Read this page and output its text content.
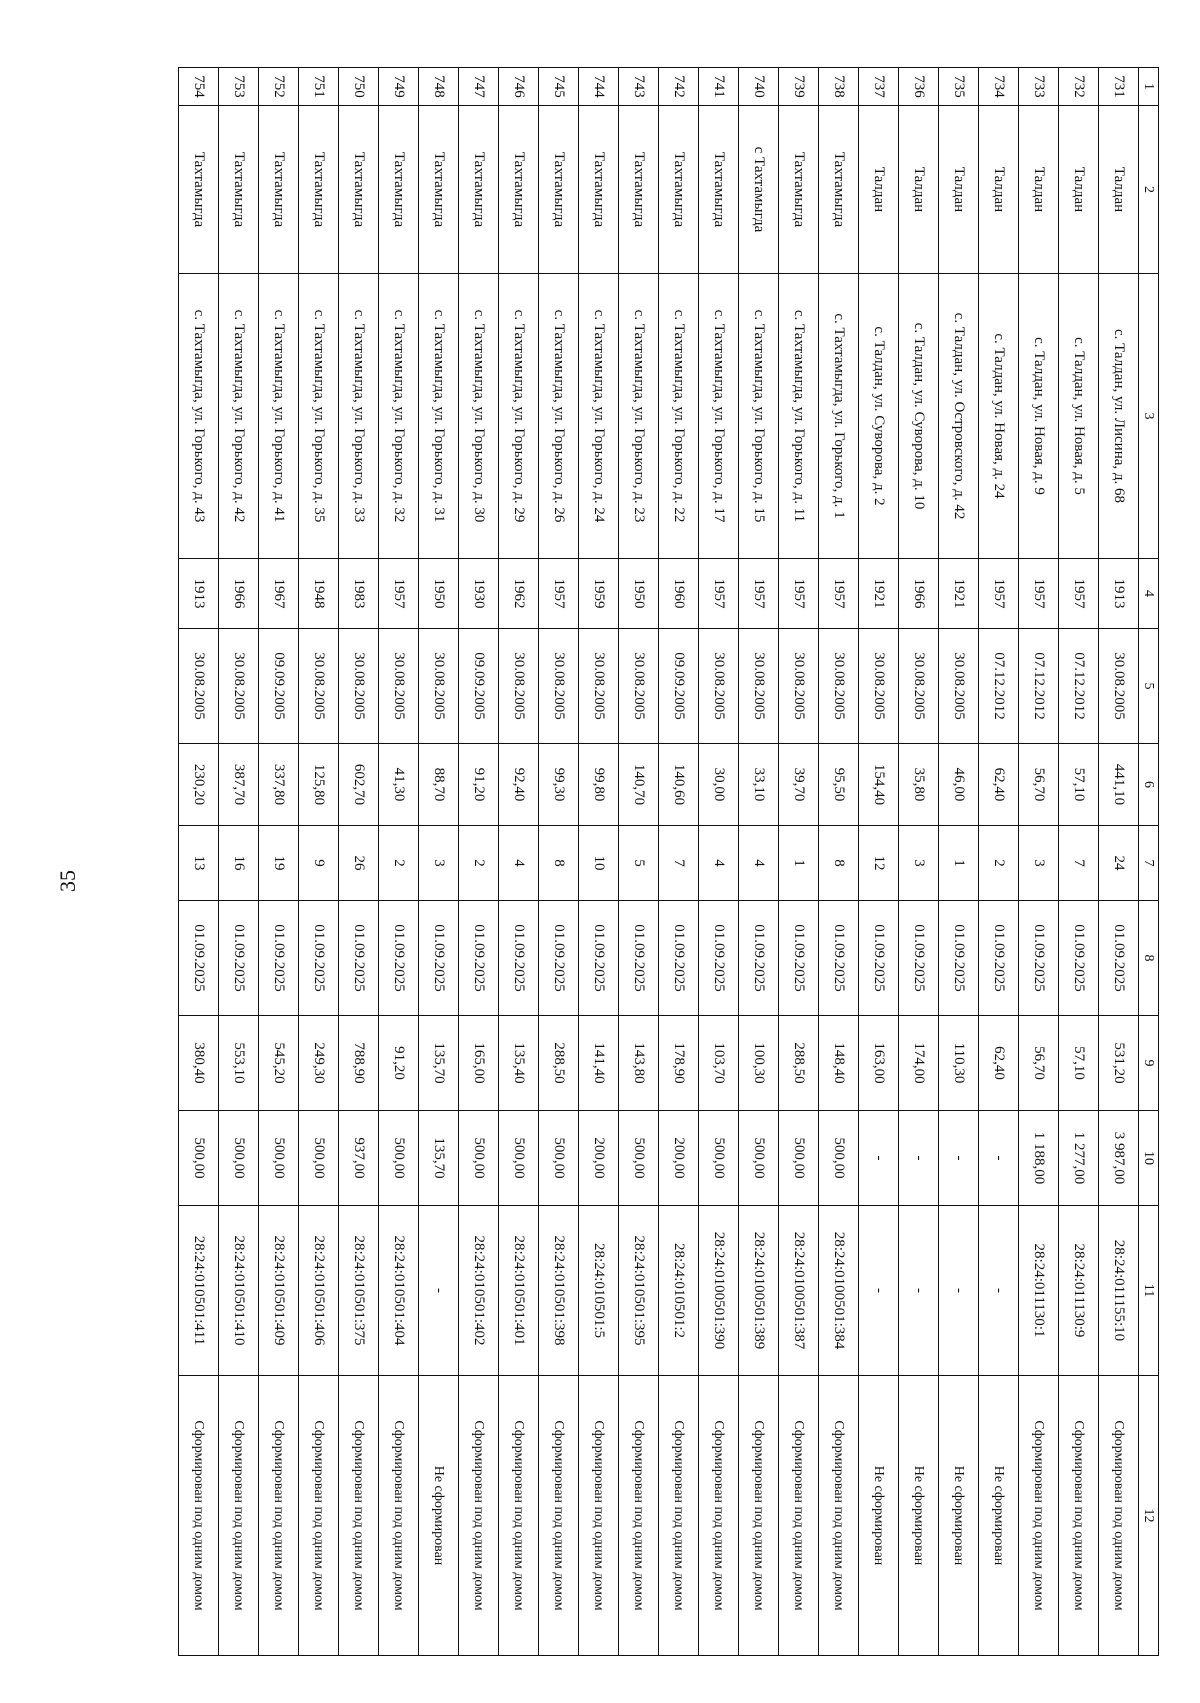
35
1	2	3	4	5	6	7	8	9	10	11	12
731	Талдан	с. Талдан, ул. Лисина, д. 68	1913	30.08.2005	441,10	24	01.09.2025	531,20	3 987,00	28:24:011155:10	Сформирован под одним домом
732	Талдан	с. Талдан, ул. Новая, д. 5	1957	07.12.2012	57,10	7	01.09.2025	57,10	1 277,00	28:24:011130:9	Сформирован под одним домом
733	Талдан	с. Талдан, ул. Новая, д. 9	1957	07.12.2012	56,70	3	01.09.2025	56,70	1 188,00	28:24:011130:1	Сформирован под одним домом
734	Талдан	с. Талдан, ул. Новая, д. 24	1957	07.12.2012	62,40	2	01.09.2025	62,40	-	-	Не сформирован
735	Талдан	с. Талдан, ул. Островского, д. 42	1921	30.08.2005	46,00	1	01.09.2025	110,30	-	-	Не сформирован
736	Талдан	с. Талдан, ул. Суворова, д. 10	1966	30.08.2005	35,80	3	01.09.2025	174,00	-	-	Не сформирован
737	Талдан	с. Талдан, ул. Суворова, д. 2	1921	30.08.2005	154,40	12	01.09.2025	163,00	-	-	Не сформирован
738	Тахтамыгда	с. Тахтамыгда, ул. Горького, д. 1	1957	30.08.2005	95,50	8	01.09.2025	148,40	500,00	28:24:0100501:384	Сформирован под одним домом
739	Тахтамыгда	с. Тахтамыгда, ул. Горького, д. 11	1957	30.08.2005	39,70	1	01.09.2025	288,50	500,00	28:24:0100501:387	Сформирован под одним домом
740	с Тахтамыгда	с. Тахтамыгда, ул. Горького, д. 15	1957	30.08.2005	33,10	4	01.09.2025	100,30	500,00	28:24:0100501:389	Сформирован под одним домом
741	Тахтамыгда	с. Тахтамыгда, ул. Горького, д. 17	1957	30.08.2005	30,00	4	01.09.2025	103,70	500,00	28:24:0100501:390	Сформирован под одним домом
742	Тахтамыгда	с. Тахтамыгда, ул. Горького, д. 22	1960	09.09.2005	140,60	7	01.09.2025	178,90	200,00	28:24:010501:2	Сформирован под одним домом
743	Тахтамыгда	с. Тахтамыгда, ул. Горького, д. 23	1950	30.08.2005	140,70	5	01.09.2025	143,80	500,00	28:24:010501:395	Сформирован под одним домом
744	Тахтамыгда	с. Тахтамыгда, ул. Горького, д. 24	1959	30.08.2005	99,80	10	01.09.2025	141,40	200,00	28:24:010501:5	Сформирован под одним домом
745	Тахтамыгда	с. Тахтамыгда, ул. Горького, д. 26	1957	30.08.2005	99,30	8	01.09.2025	288,50	500,00	28:24:010501:398	Сформирован под одним домом
746	Тахтамыгда	с. Тахтамыгда, ул. Горького, д. 29	1962	30.08.2005	92,40	4	01.09.2025	135,40	500,00	28:24:010501:401	Сформирован под одним домом
747	Тахтамыгда	с. Тахтамыгда, ул. Горького, д. 30	1930	09.09.2005	91,20	2	01.09.2025	165,00	500,00	28:24:010501:402	Сформирован под одним домом
748	Тахтамыгда	с. Тахтамыгда, ул. Горького, д. 31	1950	30.08.2005	88,70	3	01.09.2025	135,70	135,70	-	Не сформирован
749	Тахтамыгда	с. Тахтамыгда, ул. Горького, д. 32	1957	30.08.2005	41,30	2	01.09.2025	91,20	500,00	28:24:010501:404	Сформирован под одним домом
750	Тахтамыгда	с. Тахтамыгда, ул. Горького, д. 33	1983	30.08.2005	602,70	26	01.09.2025	788,90	937,00	28:24:010501:375	Сформирован под одним домом
751	Тахтамыгда	с. Тахтамыгда, ул. Горького, д. 35	1948	30.08.2005	125,80	9	01.09.2025	249,30	500,00	28:24:010501:406	Сформирован под одним домом
752	Тахтамыгда	с. Тахтамыгда, ул. Горького, д. 41	1967	09.09.2005	337,80	19	01.09.2025	545,20	500,00	28:24:010501:409	Сформирован под одним домом
753	Тахтамыгда	с. Тахтамыгда, ул. Горького, д. 42	1966	30.08.2005	387,70	16	01.09.2025	553,10	500,00	28:24:010501:410	Сформирован под одним домом
754	Тахтамыгда	с. Тахтамыгда, ул. Горького, д. 43	1913	30.08.2005	230,20	13	01.09.2025	380,40	500,00	28:24:010501:411	Сформирован под одним домом
